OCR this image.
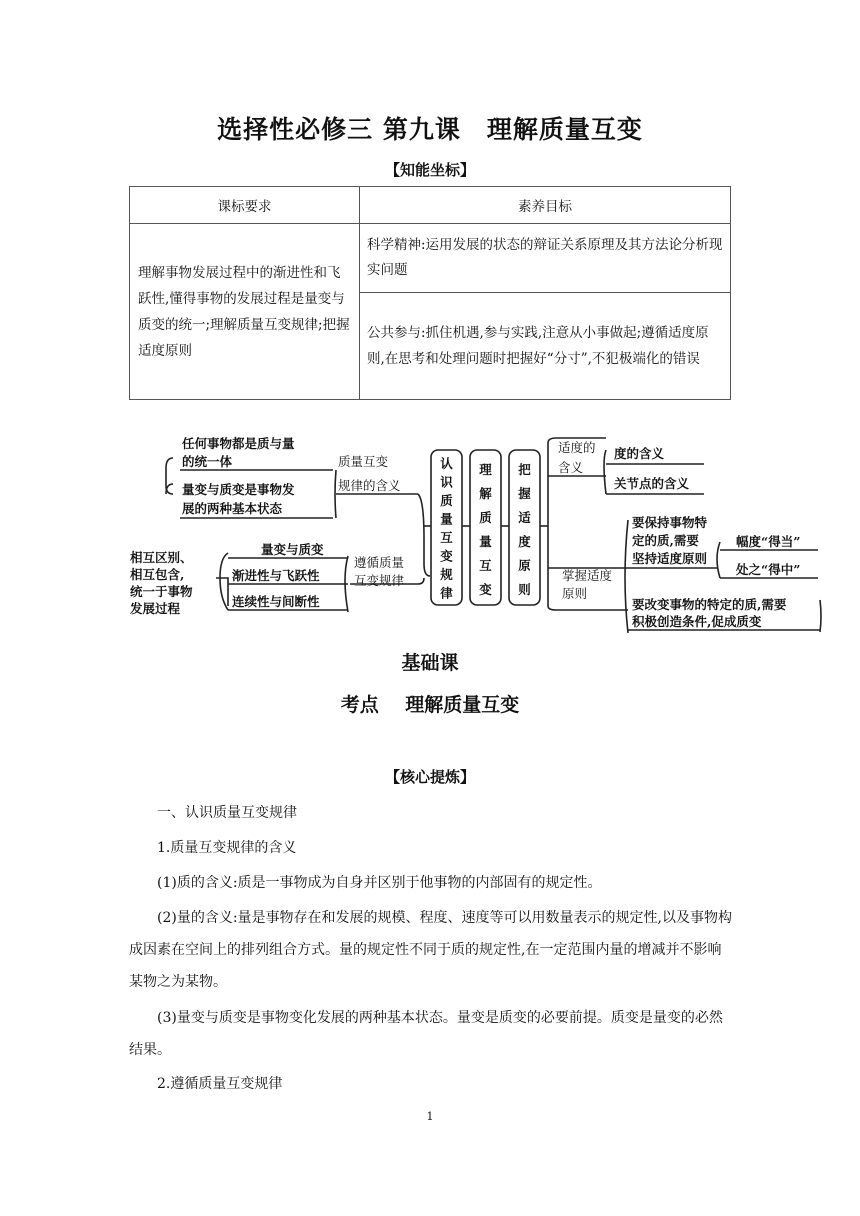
选择性必修三 第九课 理解质量互变
【知能坐标】
课标要求	素养目标
理解事物发展过程中的渐进性和飞跃性,懂得事物的发展过程是量变与质变的统一;理解质量互变规律;把握适度原则	科学精神:运用发展的状态的辩证关系原理及其方法论分析现实问题
	公共参与:抓住机遇,参与实践,注意从小事做起;遵循适度原则,在思考和处理问题时把握好“分寸”,不犯极端化的错误
任何事物都是质与量
的统一体
量变与质变是事物发
展的两种基本状态
质量互变
规律的含义
相互区别、
相互包含,
统一于事物
发展过程
量变与质变
渐进性与飞跃性
连续性与间断性
遵循质量
互变规律
认
识
质
量
互
变
规
律
理
解
质
量
互
变
把
握
适
度
原
则
适度的
含义
度的含义
关节点的含义
掌握适度
原则
要保持事物特
定的质,需要
坚持适度原则
幅度“得当”
处之“得中”
要改变事物的特定的质,需要
积极创造条件,促成质变
基础课
考点 理解质量互变
【核心提炼】
一、认识质量互变规律
1.质量互变规律的含义
(1)质的含义:质是一事物成为自身并区别于他事物的内部固有的规定性。
(2)量的含义:量是事物存在和发展的规模、程度、速度等可以用数量表示的规定性,以及事物构成因素在空间上的排列组合方式。量的规定性不同于质的规定性,在一定范围内量的增减并不影响某物之为某物。
(3)量变与质变是事物变化发展的两种基本状态。量变是质变的必要前提。质变是量变的必然结果。
2.遵循质量互变规律
1
